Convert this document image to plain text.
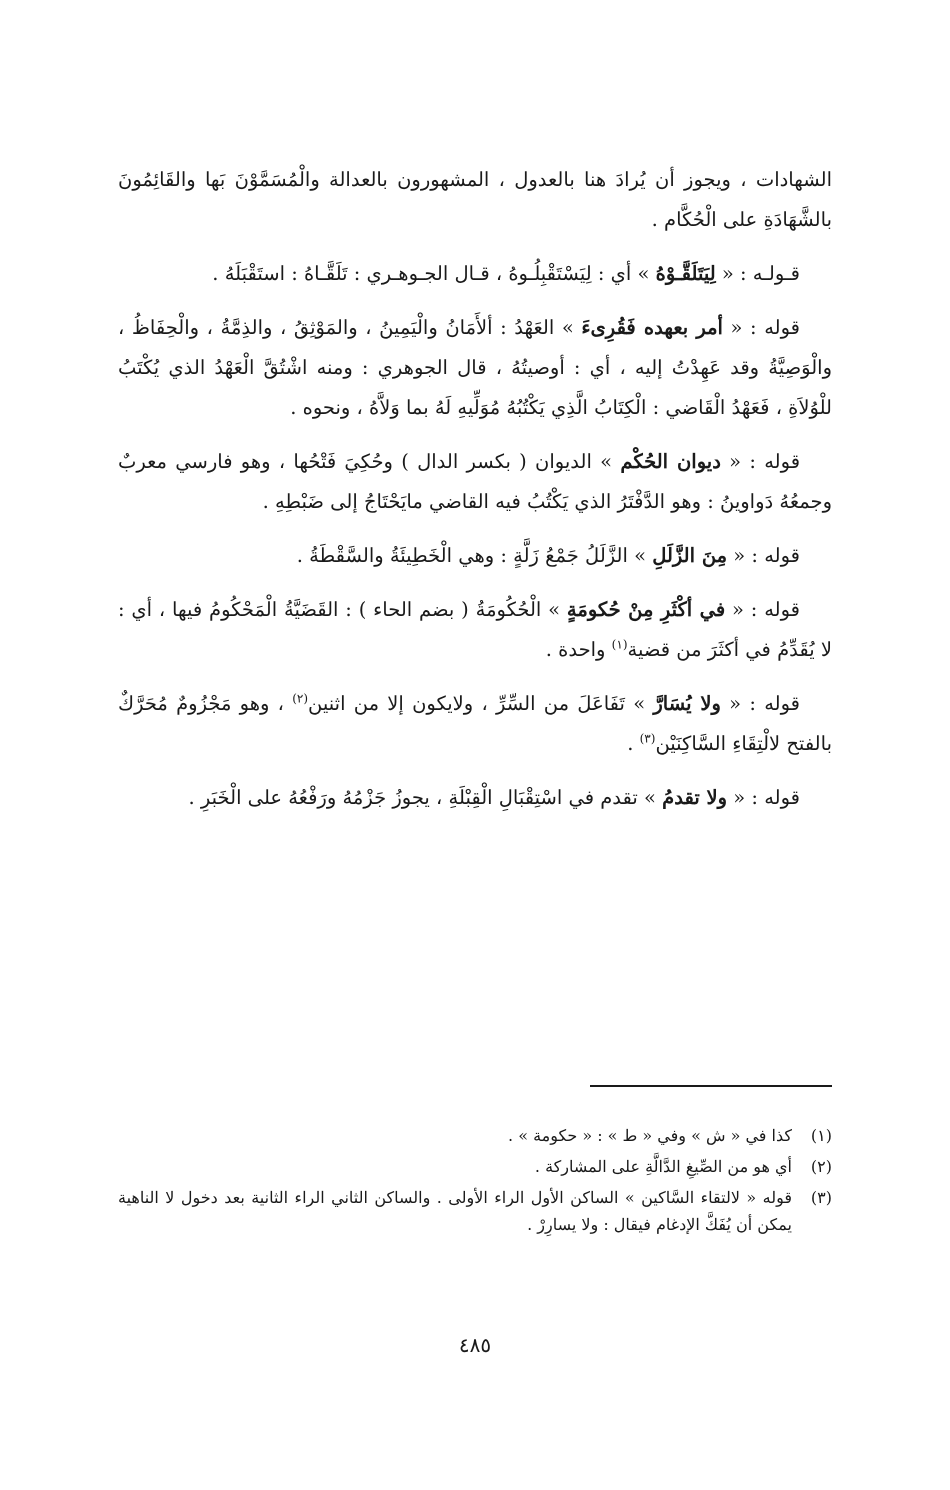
الشهادات ، ويجوز أن يُرادَ هنا بالعدول ، المشهورون بالعدالة والْمُسَمَّوْنَ بَها والقَائِمُونَ بالشَّهَادَةِ على الْحُكَّام .

قـولـه : « لِيَتَلَقَّـوْهُ » أي : لِيَسْتَقْبِلُـوهُ ، قـال الجـوهـري : تَلَقَّـاهُ : استَقْبَلَهُ .

قوله : « أمر بعهده فَقُرِىءَ » العَهْدُ : ألأَمَانُ والْيَمِينُ ، والمَوْثِقُ ، والذِمَّةُ ، والْحِفَاظُ ، والْوَصِيَّةُ وقد عَهِدْتُ إليه ، أي : أوصيتُهُ ، قال الجوهري : ومنه اشْتُقَّ الْعَهْدُ الذي يُكْتَبُ للْوُلاَةِ ، فَعَهْدُ الْقَاضي : الْكِتَابُ الَّذِي يَكْتُبُهُ مُوَلِّيهِ لَهُ بما وَلاَّهُ ، ونحوه .

قوله : « ديوان الحُكْم » الديوان ( بكسر الدال ) وحُكِيَ فَتْحُها ، وهو فارسي معربٌ وجمعُهُ دَواوينُ : وهو الدَّفْتَرُ الذي يَكْتُبُ فيه القاضي مايَحْتَاجُ إلى ضَبْطِهِ .

قوله : « مِنَ الزَّلَلِ » الزَّلَلُ جَمْعُ زَلَّةٍ : وهي الْخَطِيئَةُ والسَّقْطَةُ .

قوله : « في أكْثَرِ مِنْ حُكومَةٍ » الْحُكُومَةُ ( بضم الحاء ) : القَضَيَّةُ الْمَحْكُومُ فيها ، أي : لا يُقَدِّمُ في أكثَرَ من قضية$^{(١)}$ واحدة .

قوله : « ولا يُسَارَّ » تَفَاعَلَ من السِّرِّ ، ولايكون إلا من اثنين$^{(٢)}$ ، وهو مَجْزُومٌ مُحَرَّكٌ بالفتح لالْتِقَاءِ السَّاكِنَيْن$^{(٣)}$ .

قوله : « ولا تقدمُ » تقدم في اسْتِقْبَالِ الْقِبْلَةِ ، يجوزُ جَزْمُهُ ورَفْعُهُ على الْخَبَرِ .

(١)
كذا في « ش » وفي « ط » : « حكومة » .
(٢)
أي هو من الصِّيغِ الدَّالَّةِ على المشاركة .
(٣)
قوله « لالتقاء السَّاكين » الساكن الأول الراء الأولى . والساكن الثاني الراء الثانية بعد دخول لا الناهية يمكن أن يُفَكَّ الإدغام فيقال : ولا يسارِرْ .
٤٨٥
